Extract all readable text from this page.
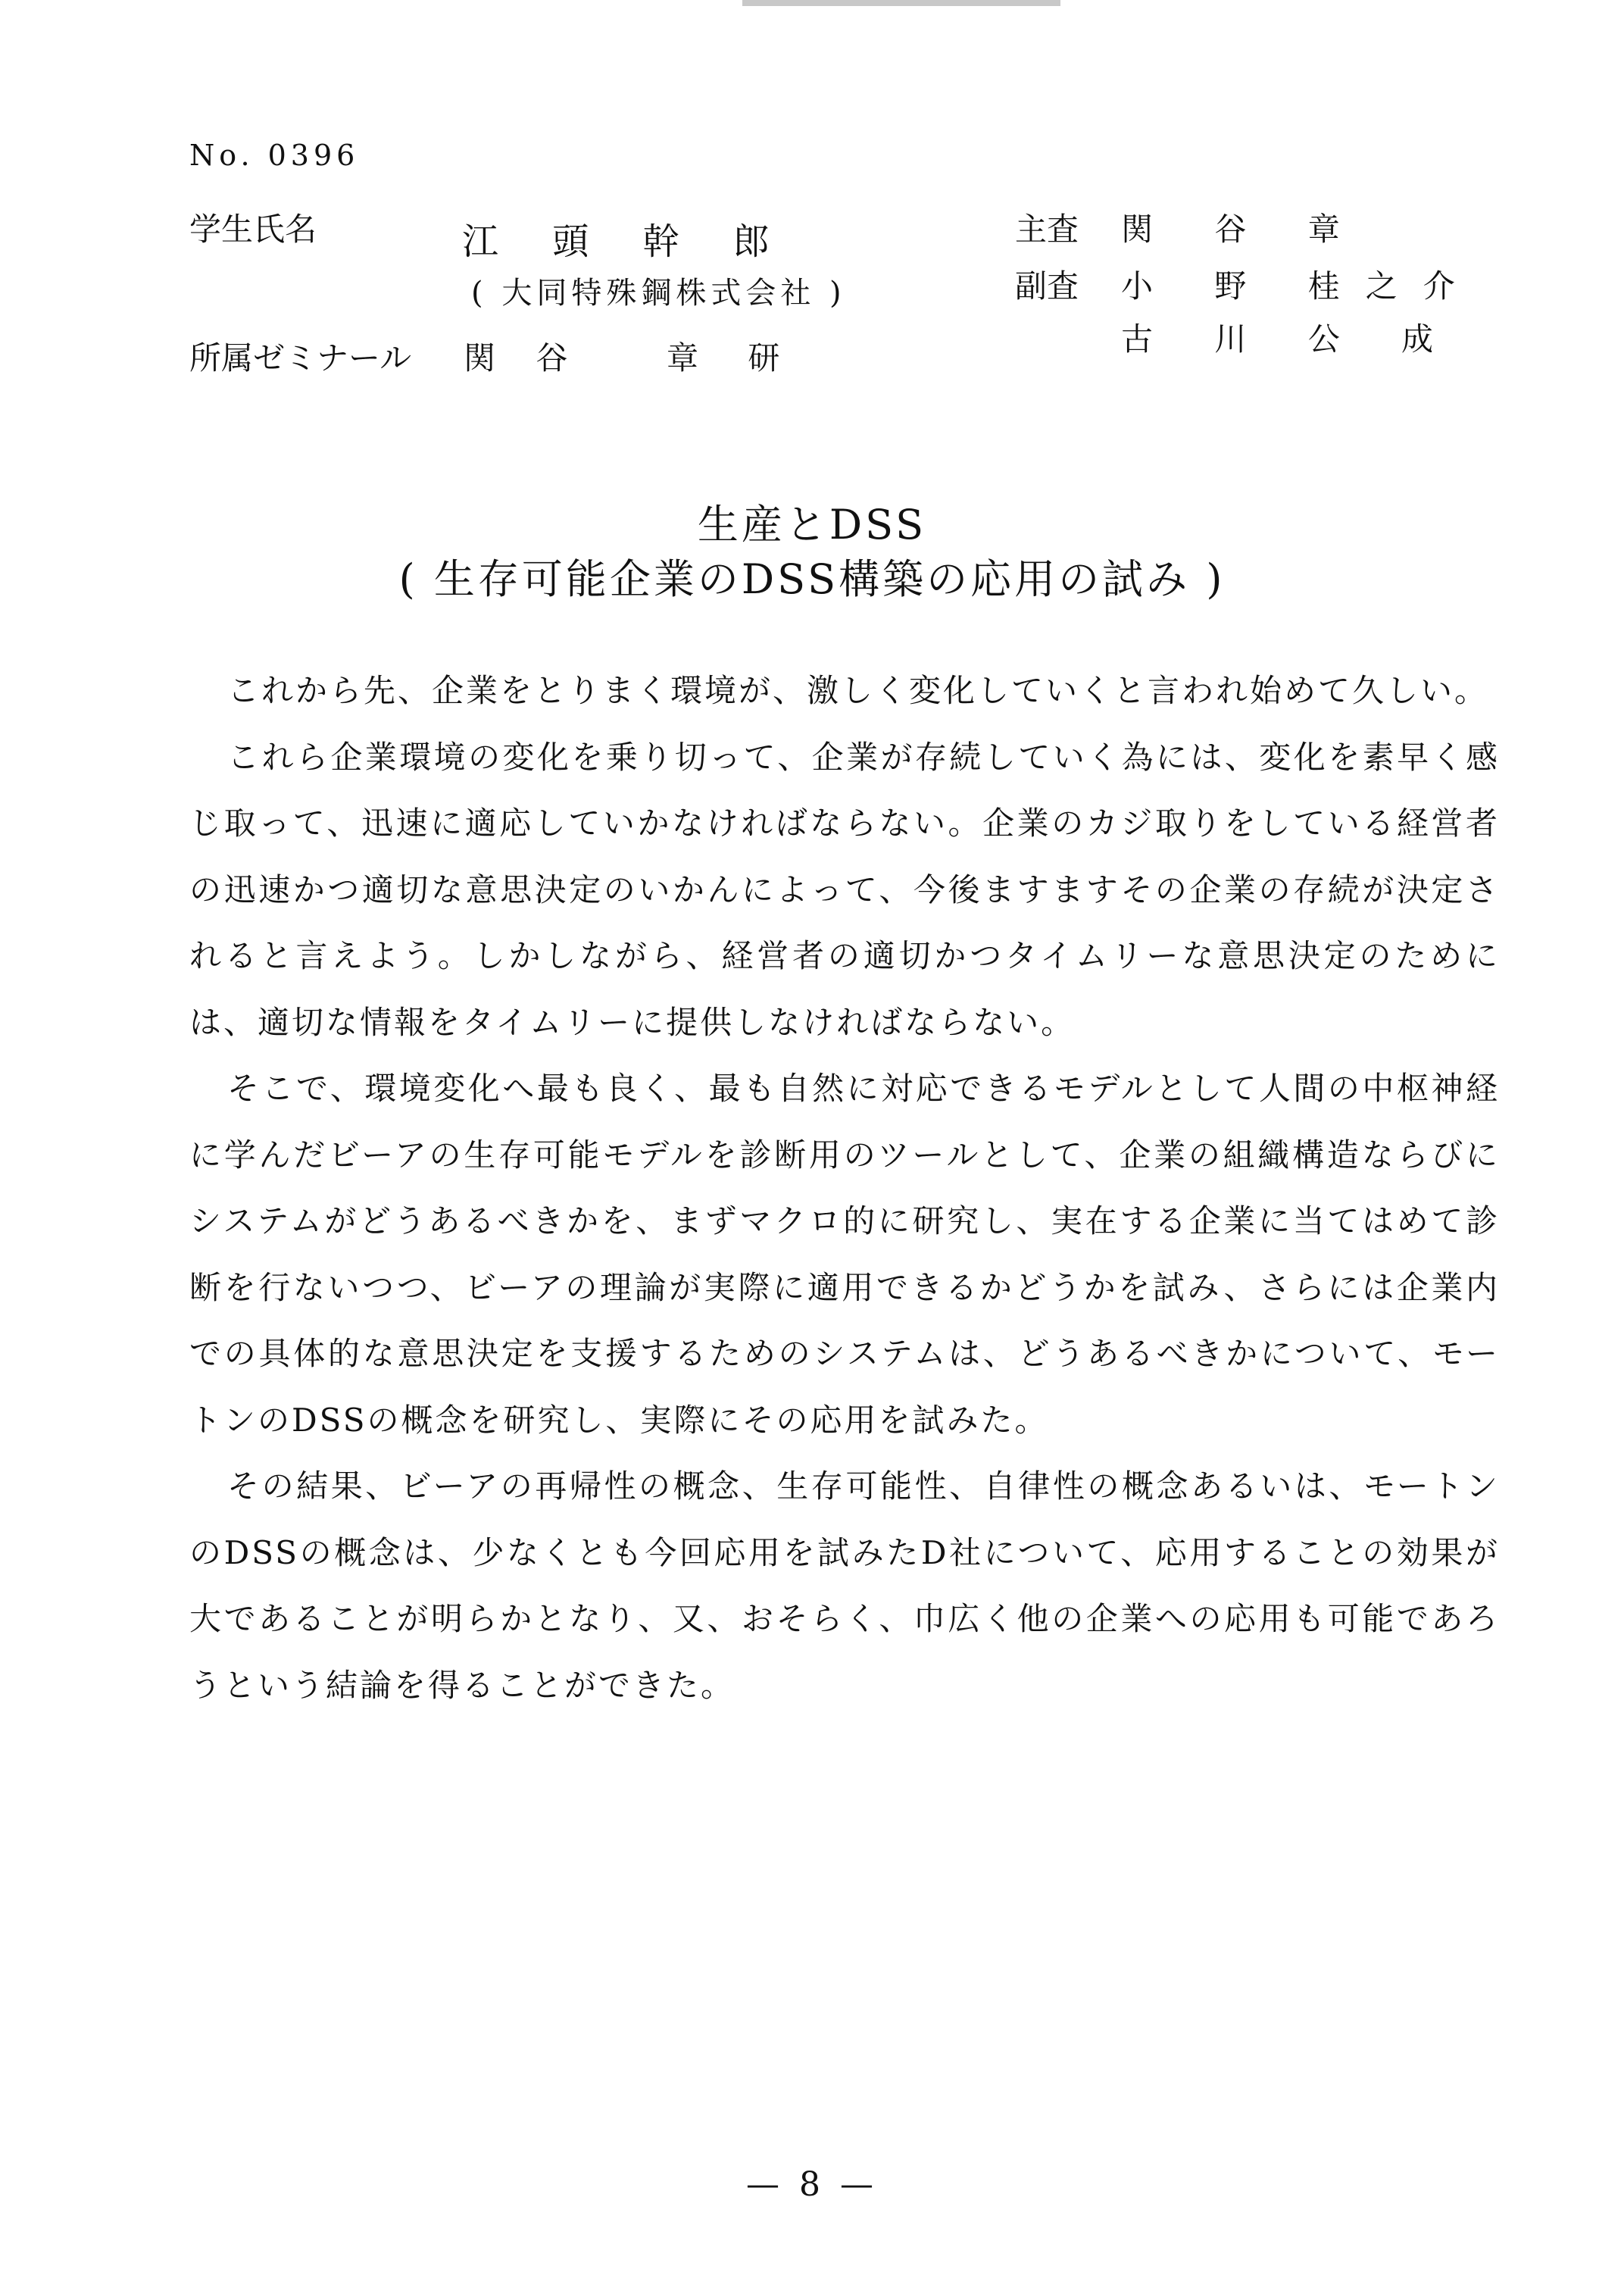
No. 0396
学生氏名	江 頭 幹 郎
( 大同特殊鋼株式会社 )
所属ゼミナール 関 谷	章 研
主査 関 谷 章
副査 小 野 桂之介
古 川 公 成
生産とDSS
( 生存可能企業のDSS構築の応用の試み )

これから先、企業をとりまく環境が、激しく変化していくと言われ始めて久しい。

これら企業環境の変化を乗り切って、企業が存続していく為には、変化を素早く感じ取って、迅速に適応していかなければならない。企業のカジ取りをしている経営者の迅速かつ適切な意思決定のいかんによって、今後ますますその企業の存続が決定されると言えよう。しかしながら、経営者の適切かつタイムリーな意思決定のためには、適切な情報をタイムリーに提供しなければならない。

そこで、環境変化へ最も良く、最も自然に対応できるモデルとして人間の中枢神経に学んだビーアの生存可能モデルを診断用のツールとして、企業の組織構造ならびにシステムがどうあるべきかを、まずマクロ的に研究し、実在する企業に当てはめて診断を行ないつつ、ビーアの理論が実際に適用できるかどうかを試み、さらには企業内での具体的な意思決定を支援するためのシステムは、どうあるべきかについて、モートンのDSSの概念を研究し、実際にその応用を試みた。

その結果、ビーアの再帰性の概念、生存可能性、自律性の概念あるいは、モートンのDSSの概念は、少なくとも今回応用を試みたD社について、応用することの効果が大であることが明らかとなり、又、おそらく、巾広く他の企業への応用も可能であろうという結論を得ることができた。

— 8 —
